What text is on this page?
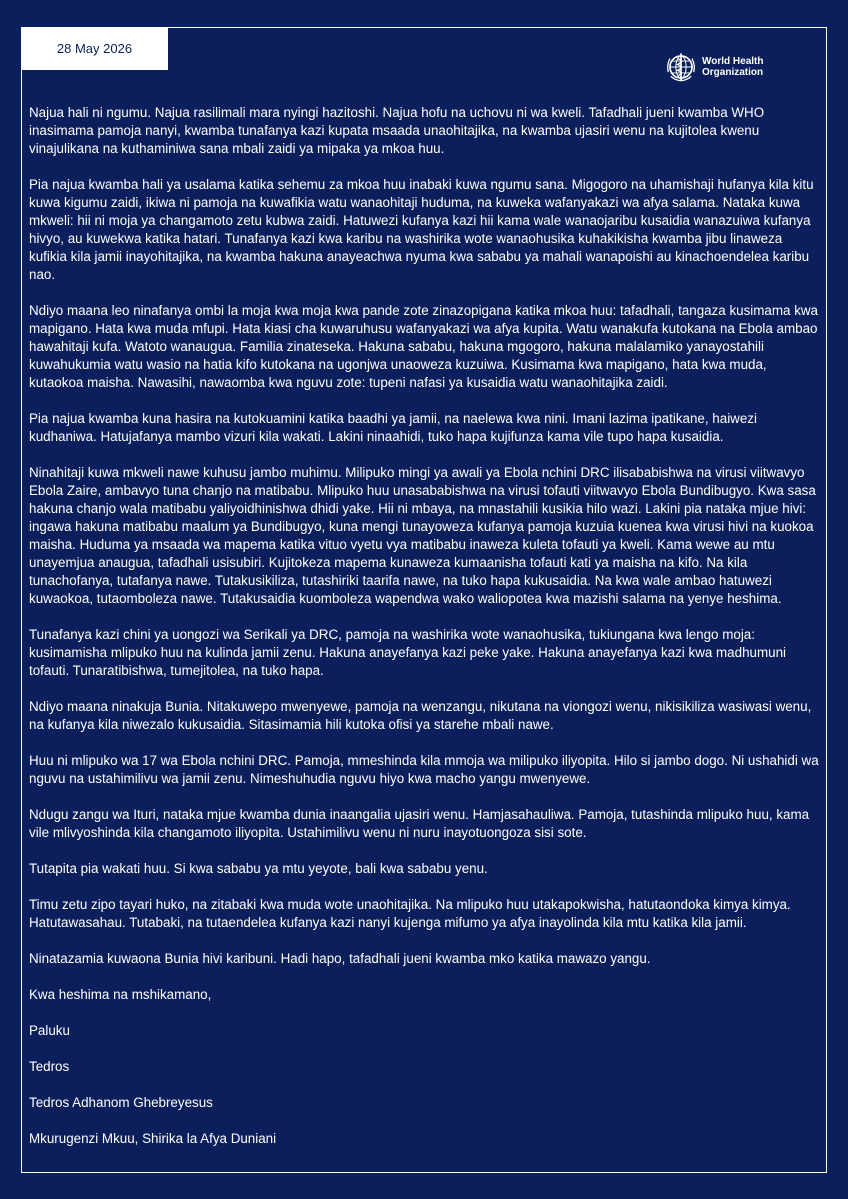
28 May 2026
World Health
Organization

Najua hali ni ngumu. Najua rasilimali mara nyingi hazitoshi. Najua hofu na uchovu ni wa kweli. Tafadhali jueni kwamba WHO inasimama pamoja nanyi, kwamba tunafanya kazi kupata msaada unaohitajika, na kwamba ujasiri wenu na kujitolea kwenu vinajulikana na kuthaminiwa sana mbali zaidi ya mipaka ya mkoa huu.

Pia najua kwamba hali ya usalama katika sehemu za mkoa huu inabaki kuwa ngumu sana. Migogoro na uhamishaji hufanya kila kitu kuwa kigumu zaidi, ikiwa ni pamoja na kuwafikia watu wanaohitaji huduma, na kuweka wafanyakazi wa afya salama. Nataka kuwa mkweli: hii ni moja ya changamoto zetu kubwa zaidi. Hatuwezi kufanya kazi hii kama wale wanaojaribu kusaidia wanazuiwa kufanya hivyo, au kuwekwa katika hatari. Tunafanya kazi kwa karibu na washirika wote wanaohusika kuhakikisha kwamba jibu linaweza kufikia kila jamii inayohitajika, na kwamba hakuna anayeachwa nyuma kwa sababu ya mahali wanapoishi au kinachoendelea karibu nao.

Ndiyo maana leo ninafanya ombi la moja kwa moja kwa pande zote zinazopigana katika mkoa huu: tafadhali, tangaza kusimama kwa mapigano. Hata kwa muda mfupi. Hata kiasi cha kuwaruhusu wafanyakazi wa afya kupita. Watu wanakufa kutokana na Ebola ambao hawahitaji kufa. Watoto wanaugua. Familia zinateseka. Hakuna sababu, hakuna mgogoro, hakuna malalamiko yanayostahili kuwahukumia watu wasio na hatia kifo kutokana na ugonjwa unaoweza kuzuiwa. Kusimama kwa mapigano, hata kwa muda, kutaokoa maisha. Nawasihi, nawaomba kwa nguvu zote: tupeni nafasi ya kusaidia watu wanaohitajika zaidi.

Pia najua kwamba kuna hasira na kutokuamini katika baadhi ya jamii, na naelewa kwa nini. Imani lazima ipatikane, haiwezi kudhaniwa. Hatujafanya mambo vizuri kila wakati. Lakini ninaahidi, tuko hapa kujifunza kama vile tupo hapa kusaidia.

Ninahitaji kuwa mkweli nawe kuhusu jambo muhimu. Milipuko mingi ya awali ya Ebola nchini DRC ilisababishwa na virusi viitwavyo Ebola Zaire, ambavyo tuna chanjo na matibabu. Mlipuko huu unasababishwa na virusi tofauti viitwavyo Ebola Bundibugyo. Kwa sasa hakuna chanjo wala matibabu yaliyoidhinishwa dhidi yake. Hii ni mbaya, na mnastahili kusikia hilo wazi. Lakini pia nataka mjue hivi: ingawa hakuna matibabu maalum ya Bundibugyo, kuna mengi tunayoweza kufanya pamoja kuzuia kuenea kwa virusi hivi na kuokoa maisha. Huduma ya msaada wa mapema katika vituo vyetu vya matibabu inaweza kuleta tofauti ya kweli. Kama wewe au mtu unayemjua anaugua, tafadhali usisubiri. Kujitokeza mapema kunaweza kumaanisha tofauti kati ya maisha na kifo. Na kila tunachofanya, tutafanya nawe. Tutakusikiliza, tutashiriki taarifa nawe, na tuko hapa kukusaidia. Na kwa wale ambao hatuwezi kuwaokoa, tutaomboleza nawe. Tutakusaidia kuomboleza wapendwa wako waliopotea kwa mazishi salama na yenye heshima.

Tunafanya kazi chini ya uongozi wa Serikali ya DRC, pamoja na washirika wote wanaohusika, tukiungana kwa lengo moja: kusimamisha mlipuko huu na kulinda jamii zenu. Hakuna anayefanya kazi peke yake. Hakuna anayefanya kazi kwa madhumuni tofauti. Tunaratibishwa, tumejitolea, na tuko hapa.

Ndiyo maana ninakuja Bunia. Nitakuwepo mwenyewe, pamoja na wenzangu, nikutana na viongozi wenu, nikisikiliza wasiwasi wenu, na kufanya kila niwezalo kukusaidia. Sitasimamia hili kutoka ofisi ya starehe mbali nawe.

Huu ni mlipuko wa 17 wa Ebola nchini DRC. Pamoja, mmeshinda kila mmoja wa milipuko iliyopita. Hilo si jambo dogo. Ni ushahidi wa nguvu na ustahimilivu wa jamii zenu. Nimeshuhudia nguvu hiyo kwa macho yangu mwenyewe.

Ndugu zangu wa Ituri, nataka mjue kwamba dunia inaangalia ujasiri wenu. Hamjasahauliwa. Pamoja, tutashinda mlipuko huu, kama vile mlivyoshinda kila changamoto iliyopita. Ustahimilivu wenu ni nuru inayotuongoza sisi sote.

Tutapita pia wakati huu. Si kwa sababu ya mtu yeyote, bali kwa sababu yenu.

Timu zetu zipo tayari huko, na zitabaki kwa muda wote unaohitajika. Na mlipuko huu utakapokwisha, hatutaondoka kimya kimya. Hatutawasahau. Tutabaki, na tutaendelea kufanya kazi nanyi kujenga mifumo ya afya inayolinda kila mtu katika kila jamii.

Ninatazamia kuwaona Bunia hivi karibuni. Hadi hapo, tafadhali jueni kwamba mko katika mawazo yangu.

Kwa heshima na mshikamano,

Paluku

Tedros

Tedros Adhanom Ghebreyesus

Mkurugenzi Mkuu, Shirika la Afya Duniani
